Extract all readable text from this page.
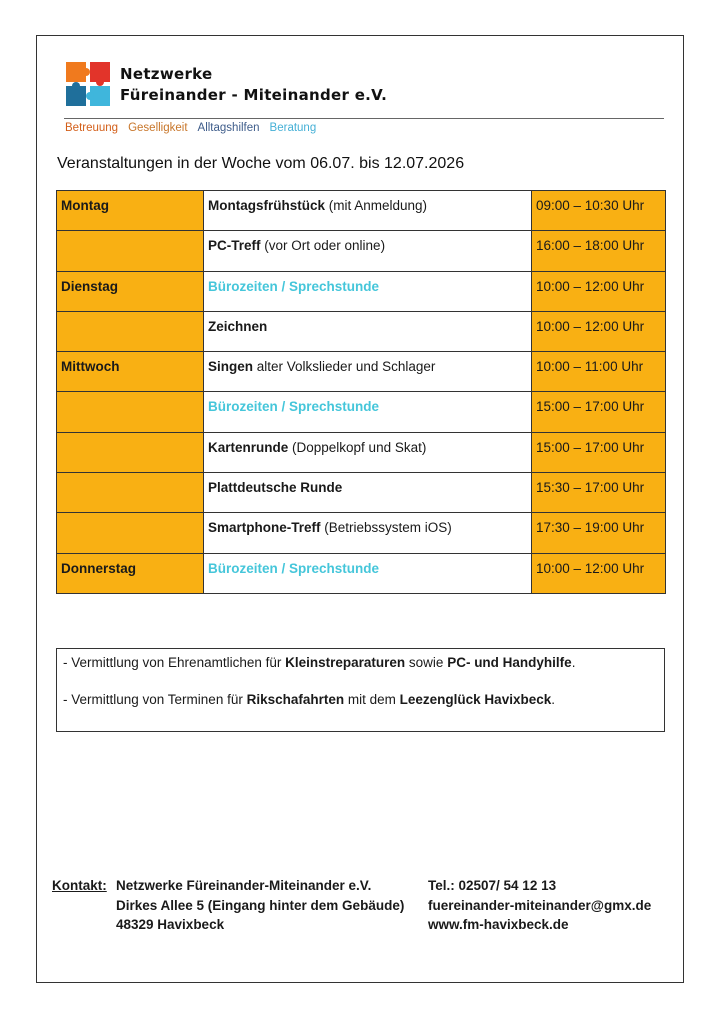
Netzwerke
Füreinander - Miteinander e.V.
Betreuung Geselligkeit Alltagshilfen Beratung
Veranstaltungen in der Woche vom 06.07. bis 12.07.2026
Montag	Montagsfrühstück (mit Anmeldung)	09:00 – 10:30 Uhr
	PC-Treff (vor Ort oder online)	16:00 – 18:00 Uhr
Dienstag	Bürozeiten / Sprechstunde	10:00 – 12:00 Uhr
	Zeichnen	10:00 – 12:00 Uhr
Mittwoch	Singen alter Volkslieder und Schlager	10:00 – 11:00 Uhr
	Bürozeiten / Sprechstunde	15:00 – 17:00 Uhr
	Kartenrunde (Doppelkopf und Skat)	15:00 – 17:00 Uhr
	Plattdeutsche Runde	15:30 – 17:00 Uhr
	Smartphone-Treff (Betriebssystem iOS)	17:30 – 19:00 Uhr
Donnerstag	Bürozeiten / Sprechstunde	10:00 – 12:00 Uhr

- Vermittlung von Ehrenamtlichen für Kleinstreparaturen sowie PC- und Handyhilfe.

- Vermittlung von Terminen für Rikschafahrten mit dem Leezenglück Havixbeck.

Kontakt: Netzwerke Füreinander-Miteinander e.V.
Dirkes Allee 5 (Eingang hinter dem Gebäude)
48329 Havixbeck
Tel.: 02507/ 54 12 13
fuereinander-miteinander@gmx.de
www.fm-havixbeck.de
